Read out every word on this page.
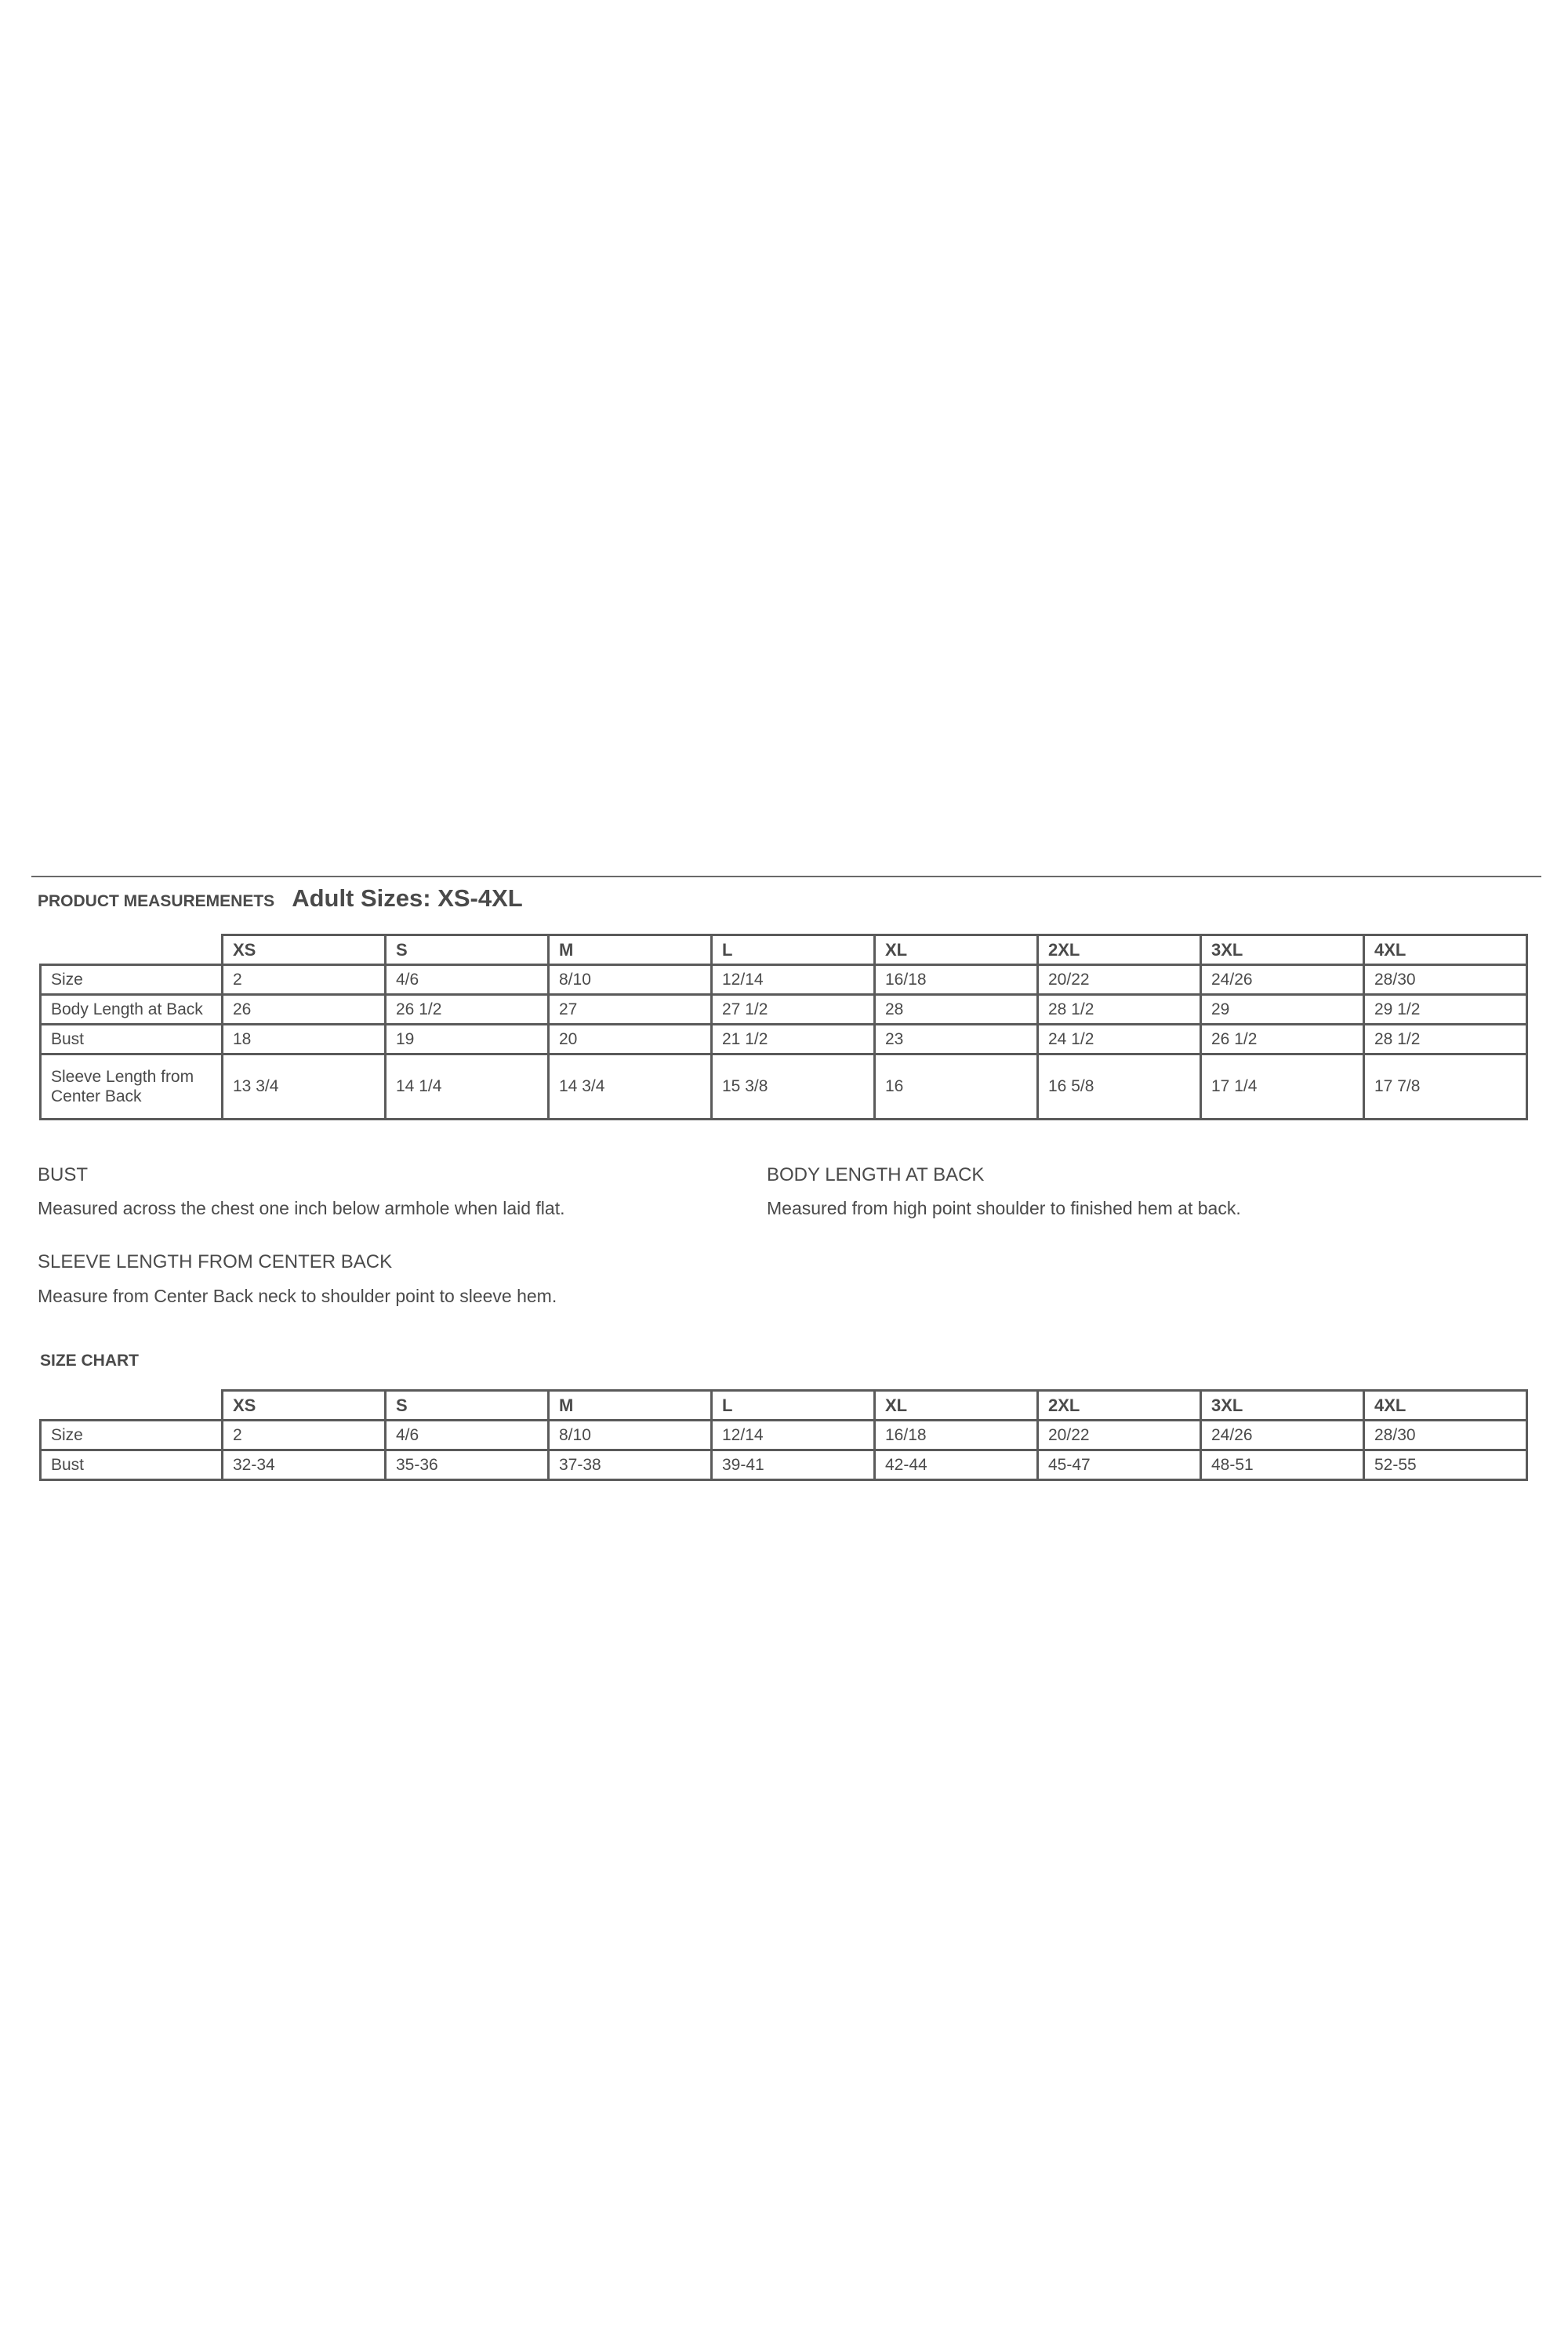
PRODUCT MEASUREMENETS Adult Sizes: XS-4XL
	XS	S	M	L	XL	2XL	3XL	4XL
Size	2	4/6	8/10	12/14	16/18	20/22	24/26	28/30
Body Length at Back	26	26 1/2	27	27 1/2	28	28 1/2	29	29 1/2
Bust	18	19	20	21 1/2	23	24 1/2	26 1/2	28 1/2
Sleeve Length from Center Back	13 3/4	14 1/4	14 3/4	15 3/8	16	16 5/8	17 1/4	17 7/8
BUST
Measured across the chest one inch below armhole when laid flat.
BODY LENGTH AT BACK
Measured from high point shoulder to finished hem at back.
SLEEVE LENGTH FROM CENTER BACK
Measure from Center Back neck to shoulder point to sleeve hem.
SIZE CHART
	XS	S	M	L	XL	2XL	3XL	4XL
Size	2	4/6	8/10	12/14	16/18	20/22	24/26	28/30
Bust	32-34	35-36	37-38	39-41	42-44	45-47	48-51	52-55
